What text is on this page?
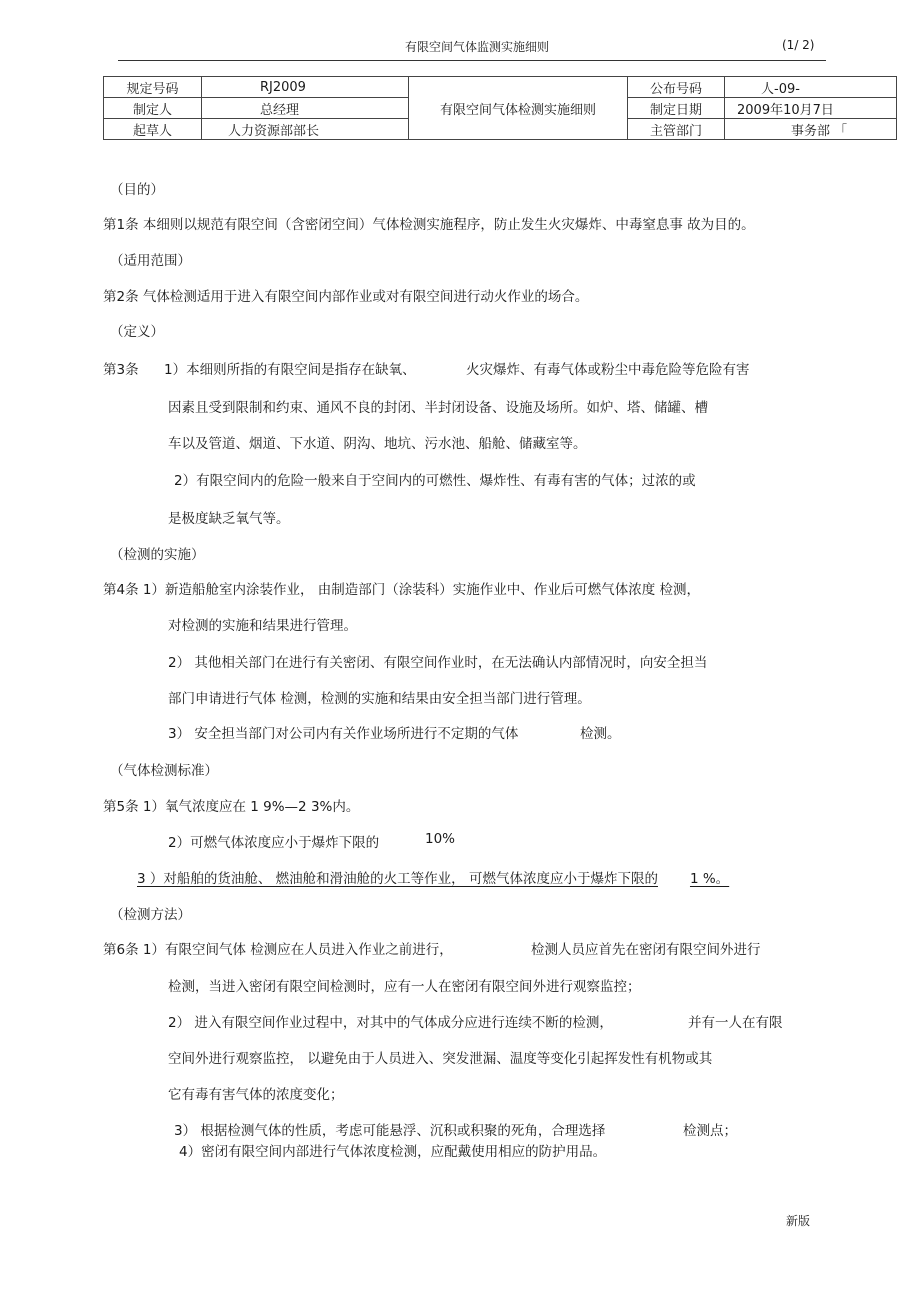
有限空间气体监测实施细则	(1/ 2)
规定号码	RJ2009	有限空间气体检测实施细则	公布号码	人-09-
制定人	总经理		制定日期	2009年10月7日
起草人	人力资源部部长		主管部门	事务部 「
（目的）
第1条 本细则以规范有限空间（含密闭空间）气体检测实施程序，防止发生火灾爆炸、中毒窒息事 故为目的。
（适用范围）
第2条 气体检测适用于进入有限空间内部作业或对有限空间进行动火作业的场合。
（定义）
第3条 1）本细则所指的有限空间是指存在缺氧、	火灾爆炸、有毒气体或粉尘中毒危险等危险有害
因素且受到限制和约束、通风不良的封闭、半封闭设备、设施及场所。如炉、塔、储罐、槽
车以及管道、烟道、下水道、阴沟、地坑、污水池、船舱、储藏室等。
2）有限空间内的危险一般来自于空间内的可燃性、爆炸性、有毒有害的气体；过浓的或
是极度缺乏氧气等。
（检测的实施）
第4条 1）新造船舱室内涂装作业， 由制造部门（涂装科）实施作业中、作业后可燃气体浓度 检测，
对检测的实施和结果进行管理。
2） 其他相关部门在进行有关密闭、有限空间作业时，在无法确认内部情况时，向安全担当
部门申请进行气体 检测，检测的实施和结果由安全担当部门进行管理。
3） 安全担当部门对公司内有关作业场所进行不定期的气体	检测。
（气体检测标准）
第5条 1）氧气浓度应在 1 9%—2 3%内。
2）可燃气体浓度应小于爆炸下限的	10%
3 ）对船舶的货油舱、 燃油舱和滑油舱的火工等作业， 可燃气体浓度应小于爆炸下限的 1 %。
（检测方法）
第6条 1）有限空间气体 检测应在人员进入作业之前进行，	检测人员应首先在密闭有限空间外进行
检测，当进入密闭有限空间检测时，应有一人在密闭有限空间外进行观察监控；
2） 进入有限空间作业过程中，对其中的气体成分应进行连续不断的检测，	并有一人在有限
空间外进行观察监控， 以避免由于人员进入、突发泄漏、温度等变化引起挥发性有机物或其
它有毒有害气体的浓度变化；
3） 根据检测气体的性质，考虑可能悬浮、沉积或积聚的死角，合理选择	检测点；
4）密闭有限空间内部进行气体浓度检测，应配戴使用相应的防护用品。
新版
